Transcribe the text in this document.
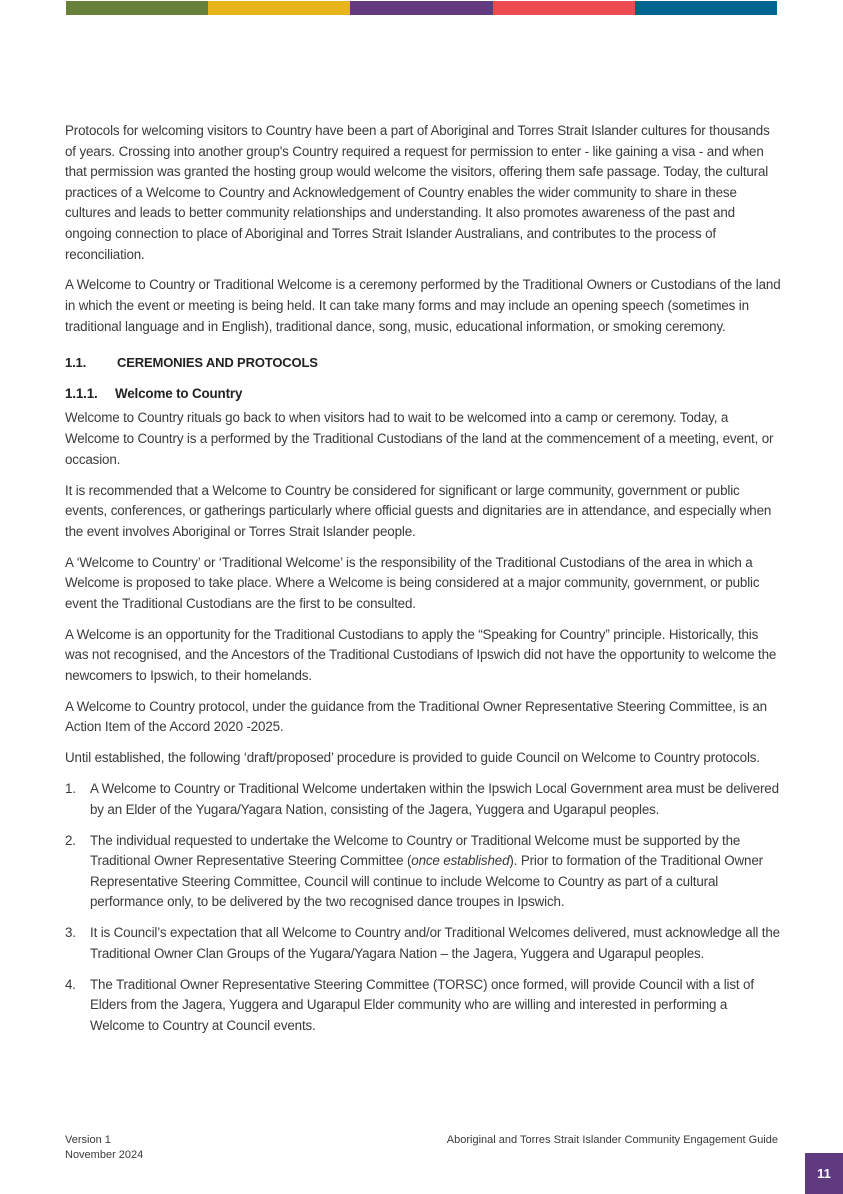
Protocols for welcoming visitors to Country have been a part of Aboriginal and Torres Strait Islander cultures for thousands of years. Crossing into another group's Country required a request for permission to enter - like gaining a visa - and when that permission was granted the hosting group would welcome the visitors, offering them safe passage. Today, the cultural practices of a Welcome to Country and Acknowledgement of Country enables the wider community to share in these cultures and leads to better community relationships and understanding. It also promotes awareness of the past and ongoing connection to place of Aboriginal and Torres Strait Islander Australians, and contributes to the process of reconciliation.

A Welcome to Country or Traditional Welcome is a ceremony performed by the Traditional Owners or Custodians of the land in which the event or meeting is being held. It can take many forms and may include an opening speech (sometimes in traditional language and in English), traditional dance, song, music, educational information, or smoking ceremony.

1.1.	CEREMONIES AND PROTOCOLS
1.1.1.	Welcome to Country

Welcome to Country rituals go back to when visitors had to wait to be welcomed into a camp or ceremony. Today, a Welcome to Country is a performed by the Traditional Custodians of the land at the commencement of a meeting, event, or occasion.

It is recommended that a Welcome to Country be considered for significant or large community, government or public events, conferences, or gatherings particularly where official guests and dignitaries are in attendance, and especially when the event involves Aboriginal or Torres Strait Islander people.

A ‘Welcome to Country’ or ‘Traditional Welcome’ is the responsibility of the Traditional Custodians of the area in which a Welcome is proposed to take place. Where a Welcome is being considered at a major community, government, or public event the Traditional Custodians are the first to be consulted.

A Welcome is an opportunity for the Traditional Custodians to apply the “Speaking for Country” principle. Historically, this was not recognised, and the Ancestors of the Traditional Custodians of Ipswich did not have the opportunity to welcome the newcomers to Ipswich, to their homelands.

A Welcome to Country protocol, under the guidance from the Traditional Owner Representative Steering Committee, is an Action Item of the Accord 2020 -2025.

Until established, the following ‘draft/proposed’ procedure is provided to guide Council on Welcome to Country protocols.

1.	A Welcome to Country or Traditional Welcome undertaken within the Ipswich Local Government area must be delivered by an Elder of the Yugara/Yagara Nation, consisting of the Jagera, Yuggera and Ugarapul peoples.
2.	The individual requested to undertake the Welcome to Country or Traditional Welcome must be supported by the Traditional Owner Representative Steering Committee (once established). Prior to formation of the Traditional Owner Representative Steering Committee, Council will continue to include Welcome to Country as part of a cultural performance only, to be delivered by the two recognised dance troupes in Ipswich.
3.	It is Council’s expectation that all Welcome to Country and/or Traditional Welcomes delivered, must acknowledge all the Traditional Owner Clan Groups of the Yugara/Yagara Nation – the Jagera, Yuggera and Ugarapul peoples.
4.	The Traditional Owner Representative Steering Committee (TORSC) once formed, will provide Council with a list of Elders from the Jagera, Yuggera and Ugarapul Elder community who are willing and interested in performing a Welcome to Country at Council events.
Version 1
November 2024
Aboriginal and Torres Strait Islander Community Engagement Guide
11
